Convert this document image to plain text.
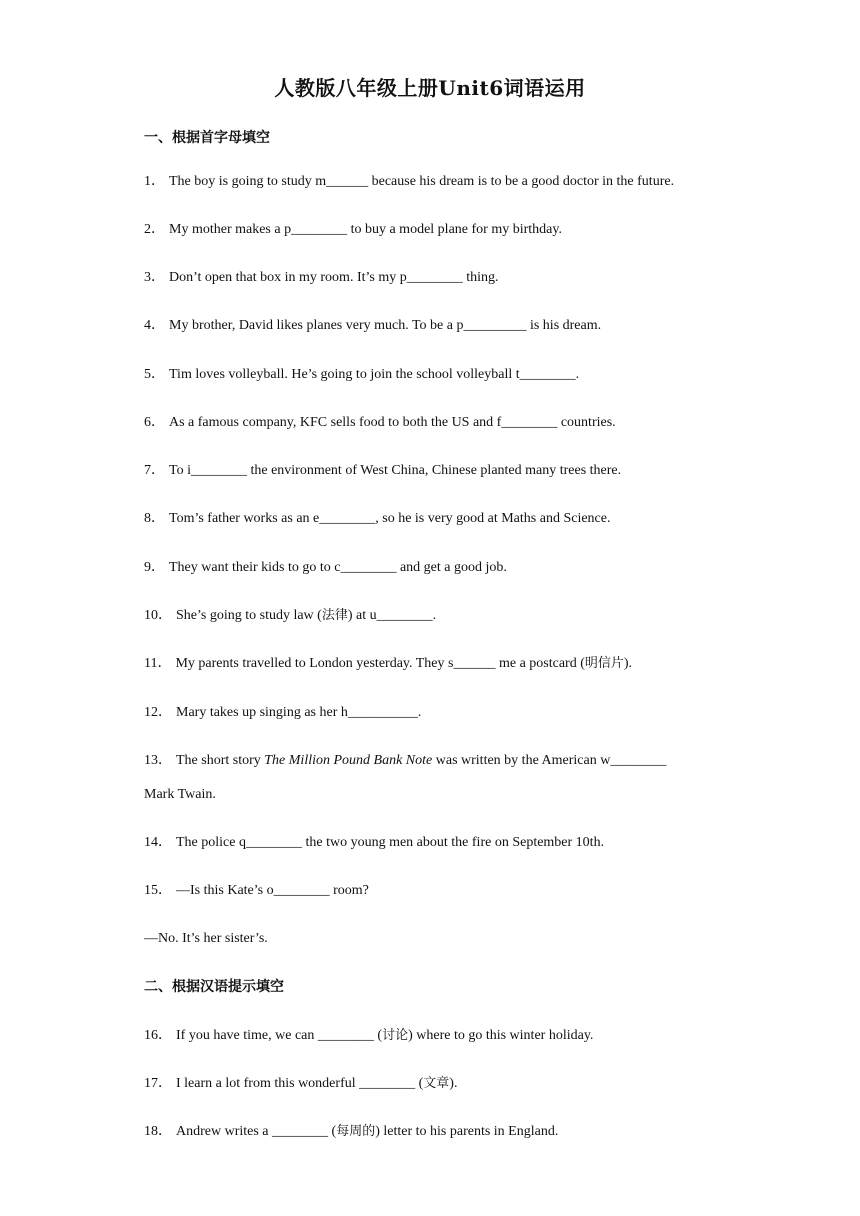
人教版八年级上册Unit6词语运用
一、根据首字母填空
1． The boy is going to study m______ because his dream is to be a good doctor in the future.
2． My mother makes a p________ to buy a model plane for my birthday.
3． Don’t open that box in my room. It’s my p________ thing.
4． My brother, David likes planes very much. To be a p_________ is his dream.
5． Tim loves volleyball. He’s going to join the school volleyball t________.
6． As a famous company, KFC sells food to both the US and f________ countries.
7． To i________ the environment of West China, Chinese planted many trees there.
8． Tom’s father works as an e________, so he is very good at Maths and Science.
9． They want their kids to go to c________ and get a good job.
10． She’s going to study law (法律) at u________.
11． My parents travelled to London yesterday. They s______ me a postcard (明信片).
12． Mary takes up singing as her h__________.
13． The short story The Million Pound Bank Note was written by the American w________
Mark Twain.
14． The police q________ the two young men about the fire on September 10th.
15． —Is this Kate’s o________ room?
—No. It’s her sister’s.
二、根据汉语提示填空
16． If you have time, we can ________ (讨论) where to go this winter holiday.
17． I learn a lot from this wonderful ________ (文章).
18． Andrew writes a ________ (每周的) letter to his parents in England.
